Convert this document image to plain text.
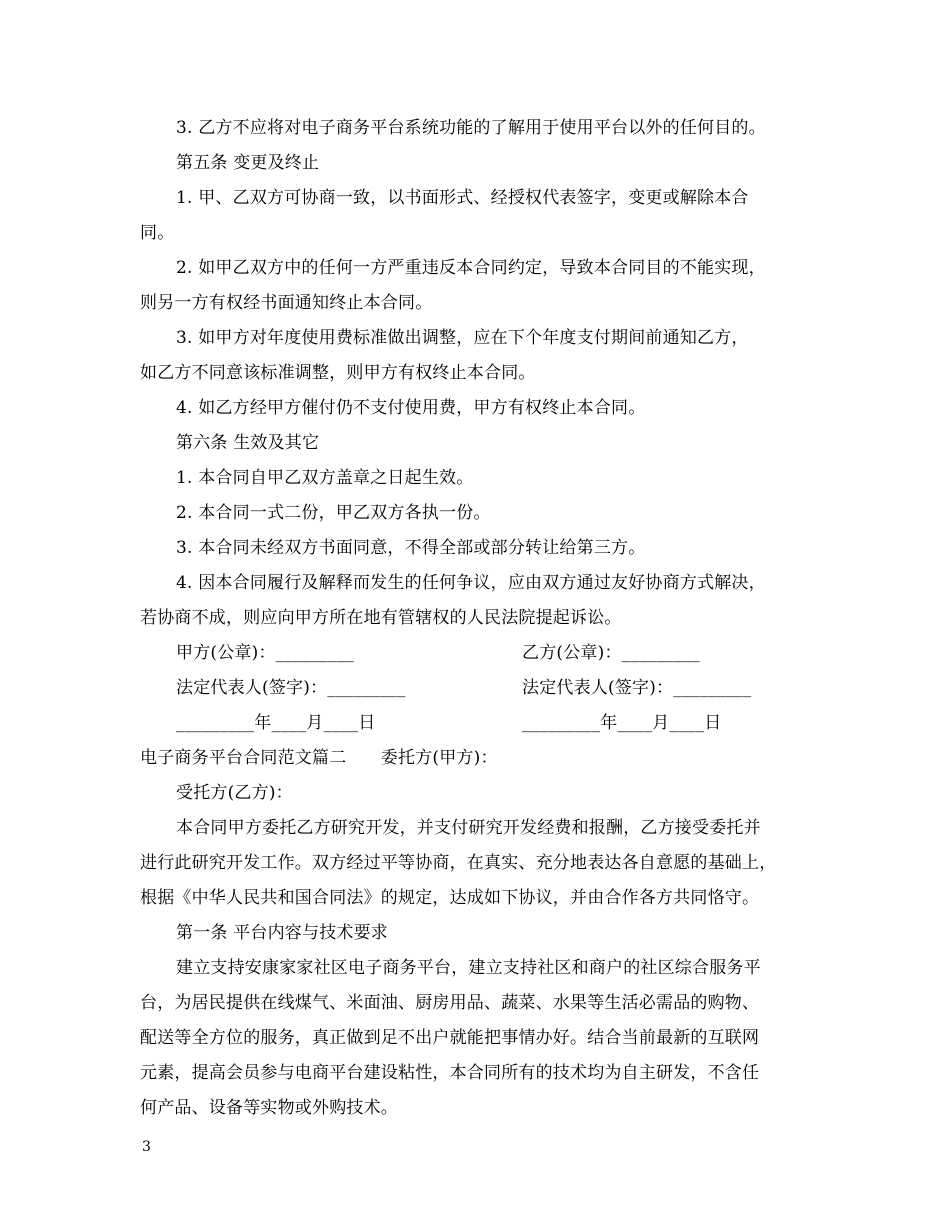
3. 乙方不应将对电子商务平台系统功能的了解用于使用平台以外的任何目的。
第五条 变更及终止
1. 甲、乙双方可协商一致，以书面形式、经授权代表签字，变更或解除本合
同。
2. 如甲乙双方中的任何一方严重违反本合同约定，导致本合同目的不能实现，
则另一方有权经书面通知终止本合同。
3. 如甲方对年度使用费标准做出调整，应在下个年度支付期间前通知乙方，
如乙方不同意该标准调整，则甲方有权终止本合同。
4. 如乙方经甲方催付仍不支付使用费，甲方有权终止本合同。
第六条 生效及其它
1. 本合同自甲乙双方盖章之日起生效。
2. 本合同一式二份，甲乙双方各执一份。
3. 本合同未经双方书面同意，不得全部或部分转让给第三方。
4. 因本合同履行及解释而发生的任何争议，应由双方通过友好协商方式解决，
若协商不成，则应向甲方所在地有管辖权的人民法院提起诉讼。
甲方(公章)：_________	乙方(公章)：_________
法定代表人(签字)：_________	法定代表人(签字)：_________
_________年____月____日	_________年____月____日
电子商务平台合同范文篇二　　委托方(甲方)：
受托方(乙方)：
本合同甲方委托乙方研究开发，并支付研究开发经费和报酬，乙方接受委托并
进行此研究开发工作。双方经过平等协商，在真实、充分地表达各自意愿的基础上，
根据《中华人民共和国合同法》的规定，达成如下协议，并由合作各方共同恪守。
第一条 平台内容与技术要求
建立支持安康家家社区电子商务平台，建立支持社区和商户的社区综合服务平
台，为居民提供在线煤气、米面油、厨房用品、蔬菜、水果等生活必需品的购物、
配送等全方位的服务，真正做到足不出户就能把事情办好。结合当前最新的互联网
元素，提高会员参与电商平台建设粘性，本合同所有的技术均为自主研发，不含任
何产品、设备等实物或外购技术。
3
